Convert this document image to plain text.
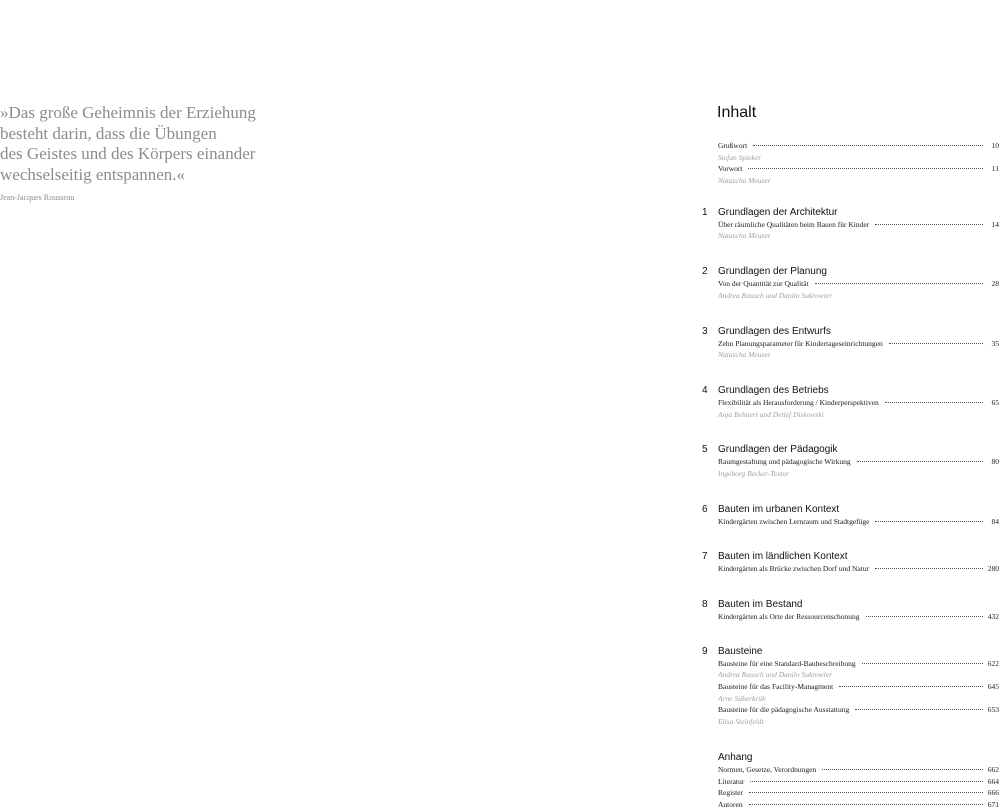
»Das große Geheimnis der Erziehung
besteht darin, dass die Übungen
des Geistes und des Körpers einander
wechselseitig entspannen.«
Jean-Jacques Rousseau
Inhalt
Grußwort	10
Stefan Spieker
Vorwort	11
Natascha Meuser
1 Grundlagen der Architektur
Über räumliche Qualitäten beim Bauen für Kinder	14
Natascha Meuser
2 Grundlagen der Planung
Von der Quantität zur Qualität	28
Andrea Rausch und Danilo Sukrowier
3 Grundlagen des Entwurfs
Zehn Planungsparameter für Kindertageseinrichtungen	35
Natascha Meuser
4 Grundlagen des Betriebs
Flexibilität als Herausforderung / Kinderperspektiven	65
Anja Behnert und Detlef Diskowski
5 Grundlagen der Pädagogik
Raumgestaltung und pädagogische Wirkung	80
Ingeborg Becker-Textor
6 Bauten im urbanen Kontext
Kindergärten zwischen Lernraum und Stadtgefüge	84
7 Bauten im ländlichen Kontext
Kindergärten als Brücke zwischen Dorf und Natur	280
8 Bauten im Bestand
Kindergärten als Orte der Ressourcenschonung	432
9 Bausteine
Bausteine für eine Standard-Baubeschreibung	622
Andrea Rausch und Danilo Sukrowier
Bausteine für das Facility-Managment	645
Arne Süberkrüb
Bausteine für die pädagogische Ausstattung	653
Elisa Steinfeldt
Anhang
Normen, Gesetze, Verordnungen	662
Literatur	664
Register	666
Autoren	671
